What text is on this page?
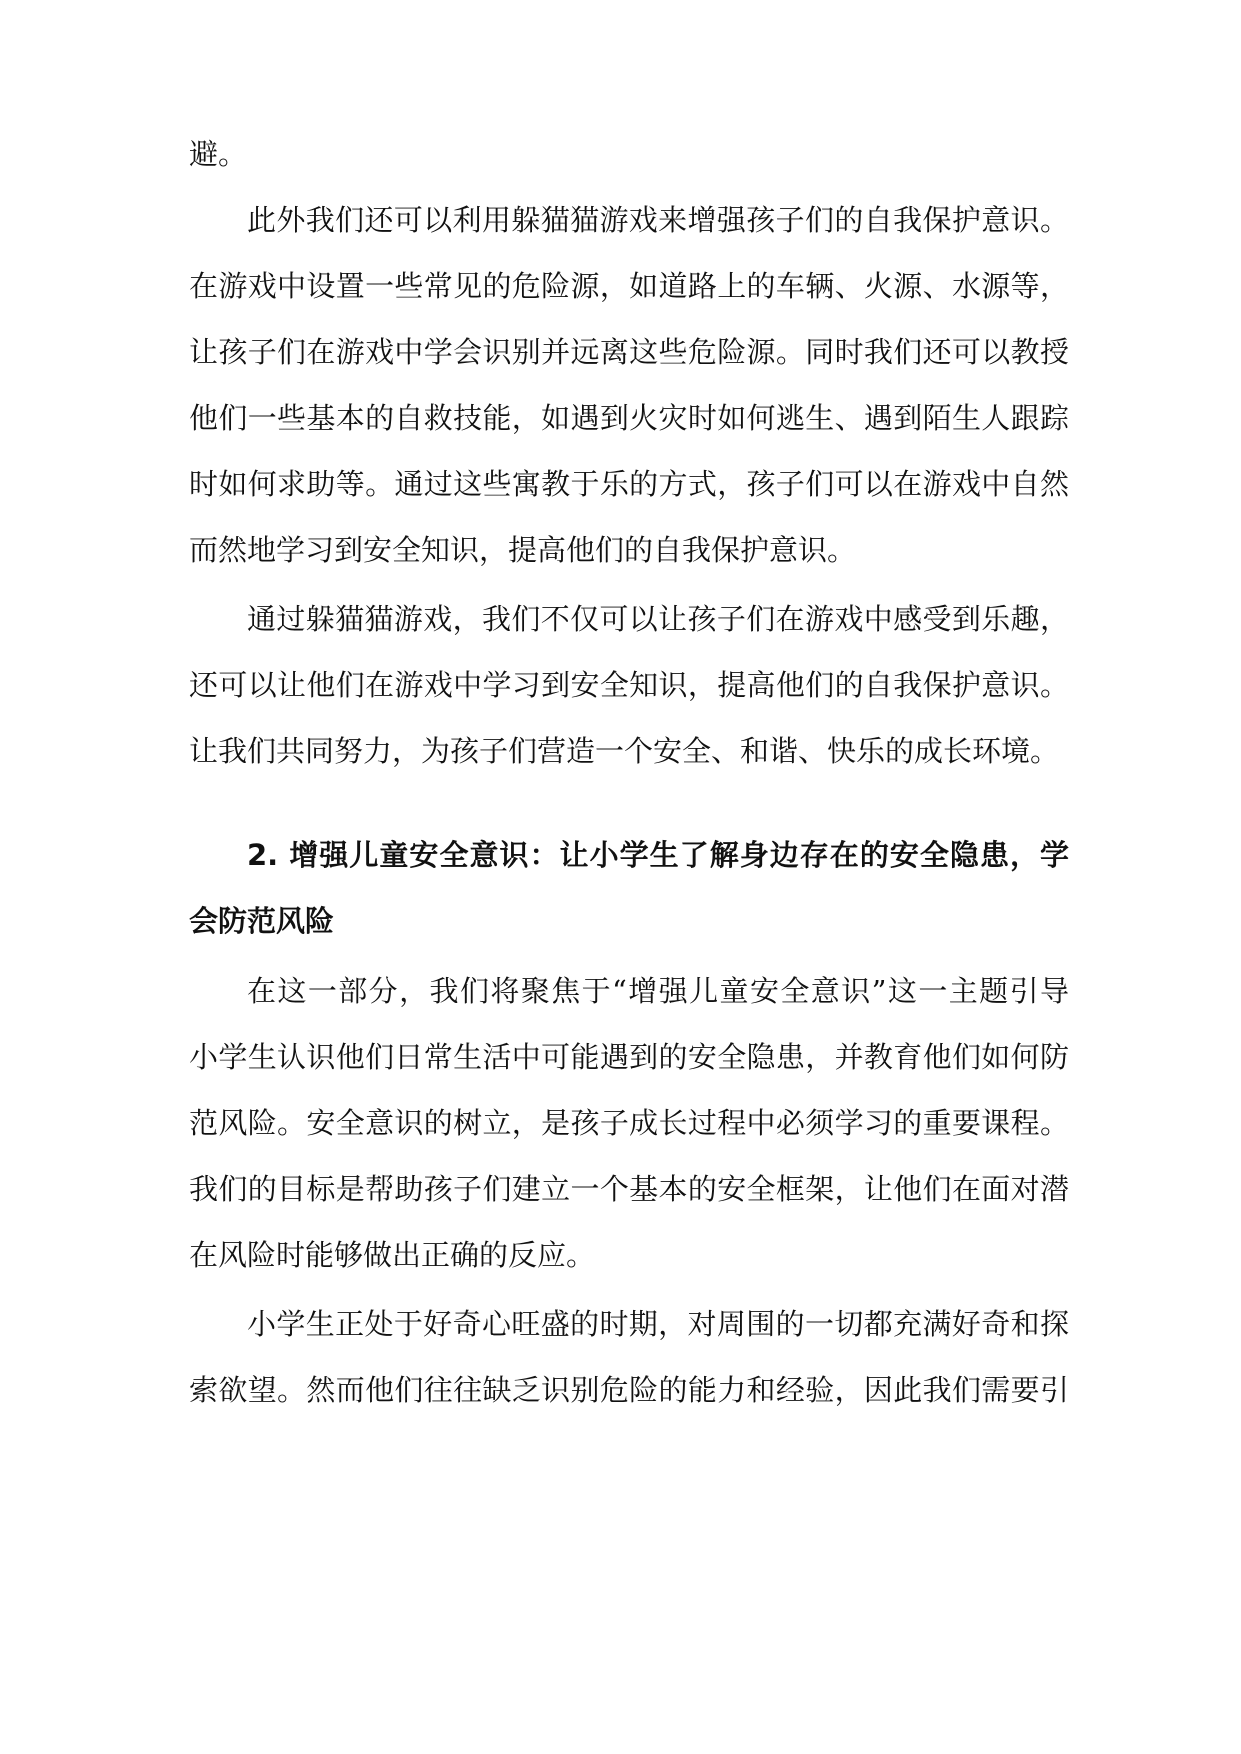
避。
此外我们还可以利用躲猫猫游戏来增强孩子们的自我保护意识。
在游戏中设置一些常见的危险源，如道路上的车辆、火源、水源等，
让孩子们在游戏中学会识别并远离这些危险源。同时我们还可以教授
他们一些基本的自救技能，如遇到火灾时如何逃生、遇到陌生人跟踪
时如何求助等。通过这些寓教于乐的方式，孩子们可以在游戏中自然
而然地学习到安全知识，提高他们的自我保护意识。
通过躲猫猫游戏，我们不仅可以让孩子们在游戏中感受到乐趣，
还可以让他们在游戏中学习到安全知识，提高他们的自我保护意识。
让我们共同努力，为孩子们营造一个安全、和谐、快乐的成长环境。
2. 增强儿童安全意识：让小学生了解身边存在的安全隐患，学
会防范风险
在这一部分，我们将聚焦于“增强儿童安全意识”这一主题引导
小学生认识他们日常生活中可能遇到的安全隐患，并教育他们如何防
范风险。安全意识的树立，是孩子成长过程中必须学习的重要课程。
我们的目标是帮助孩子们建立一个基本的安全框架，让他们在面对潜
在风险时能够做出正确的反应。
小学生正处于好奇心旺盛的时期，对周围的一切都充满好奇和探
索欲望。然而他们往往缺乏识别危险的能力和经验，因此我们需要引
